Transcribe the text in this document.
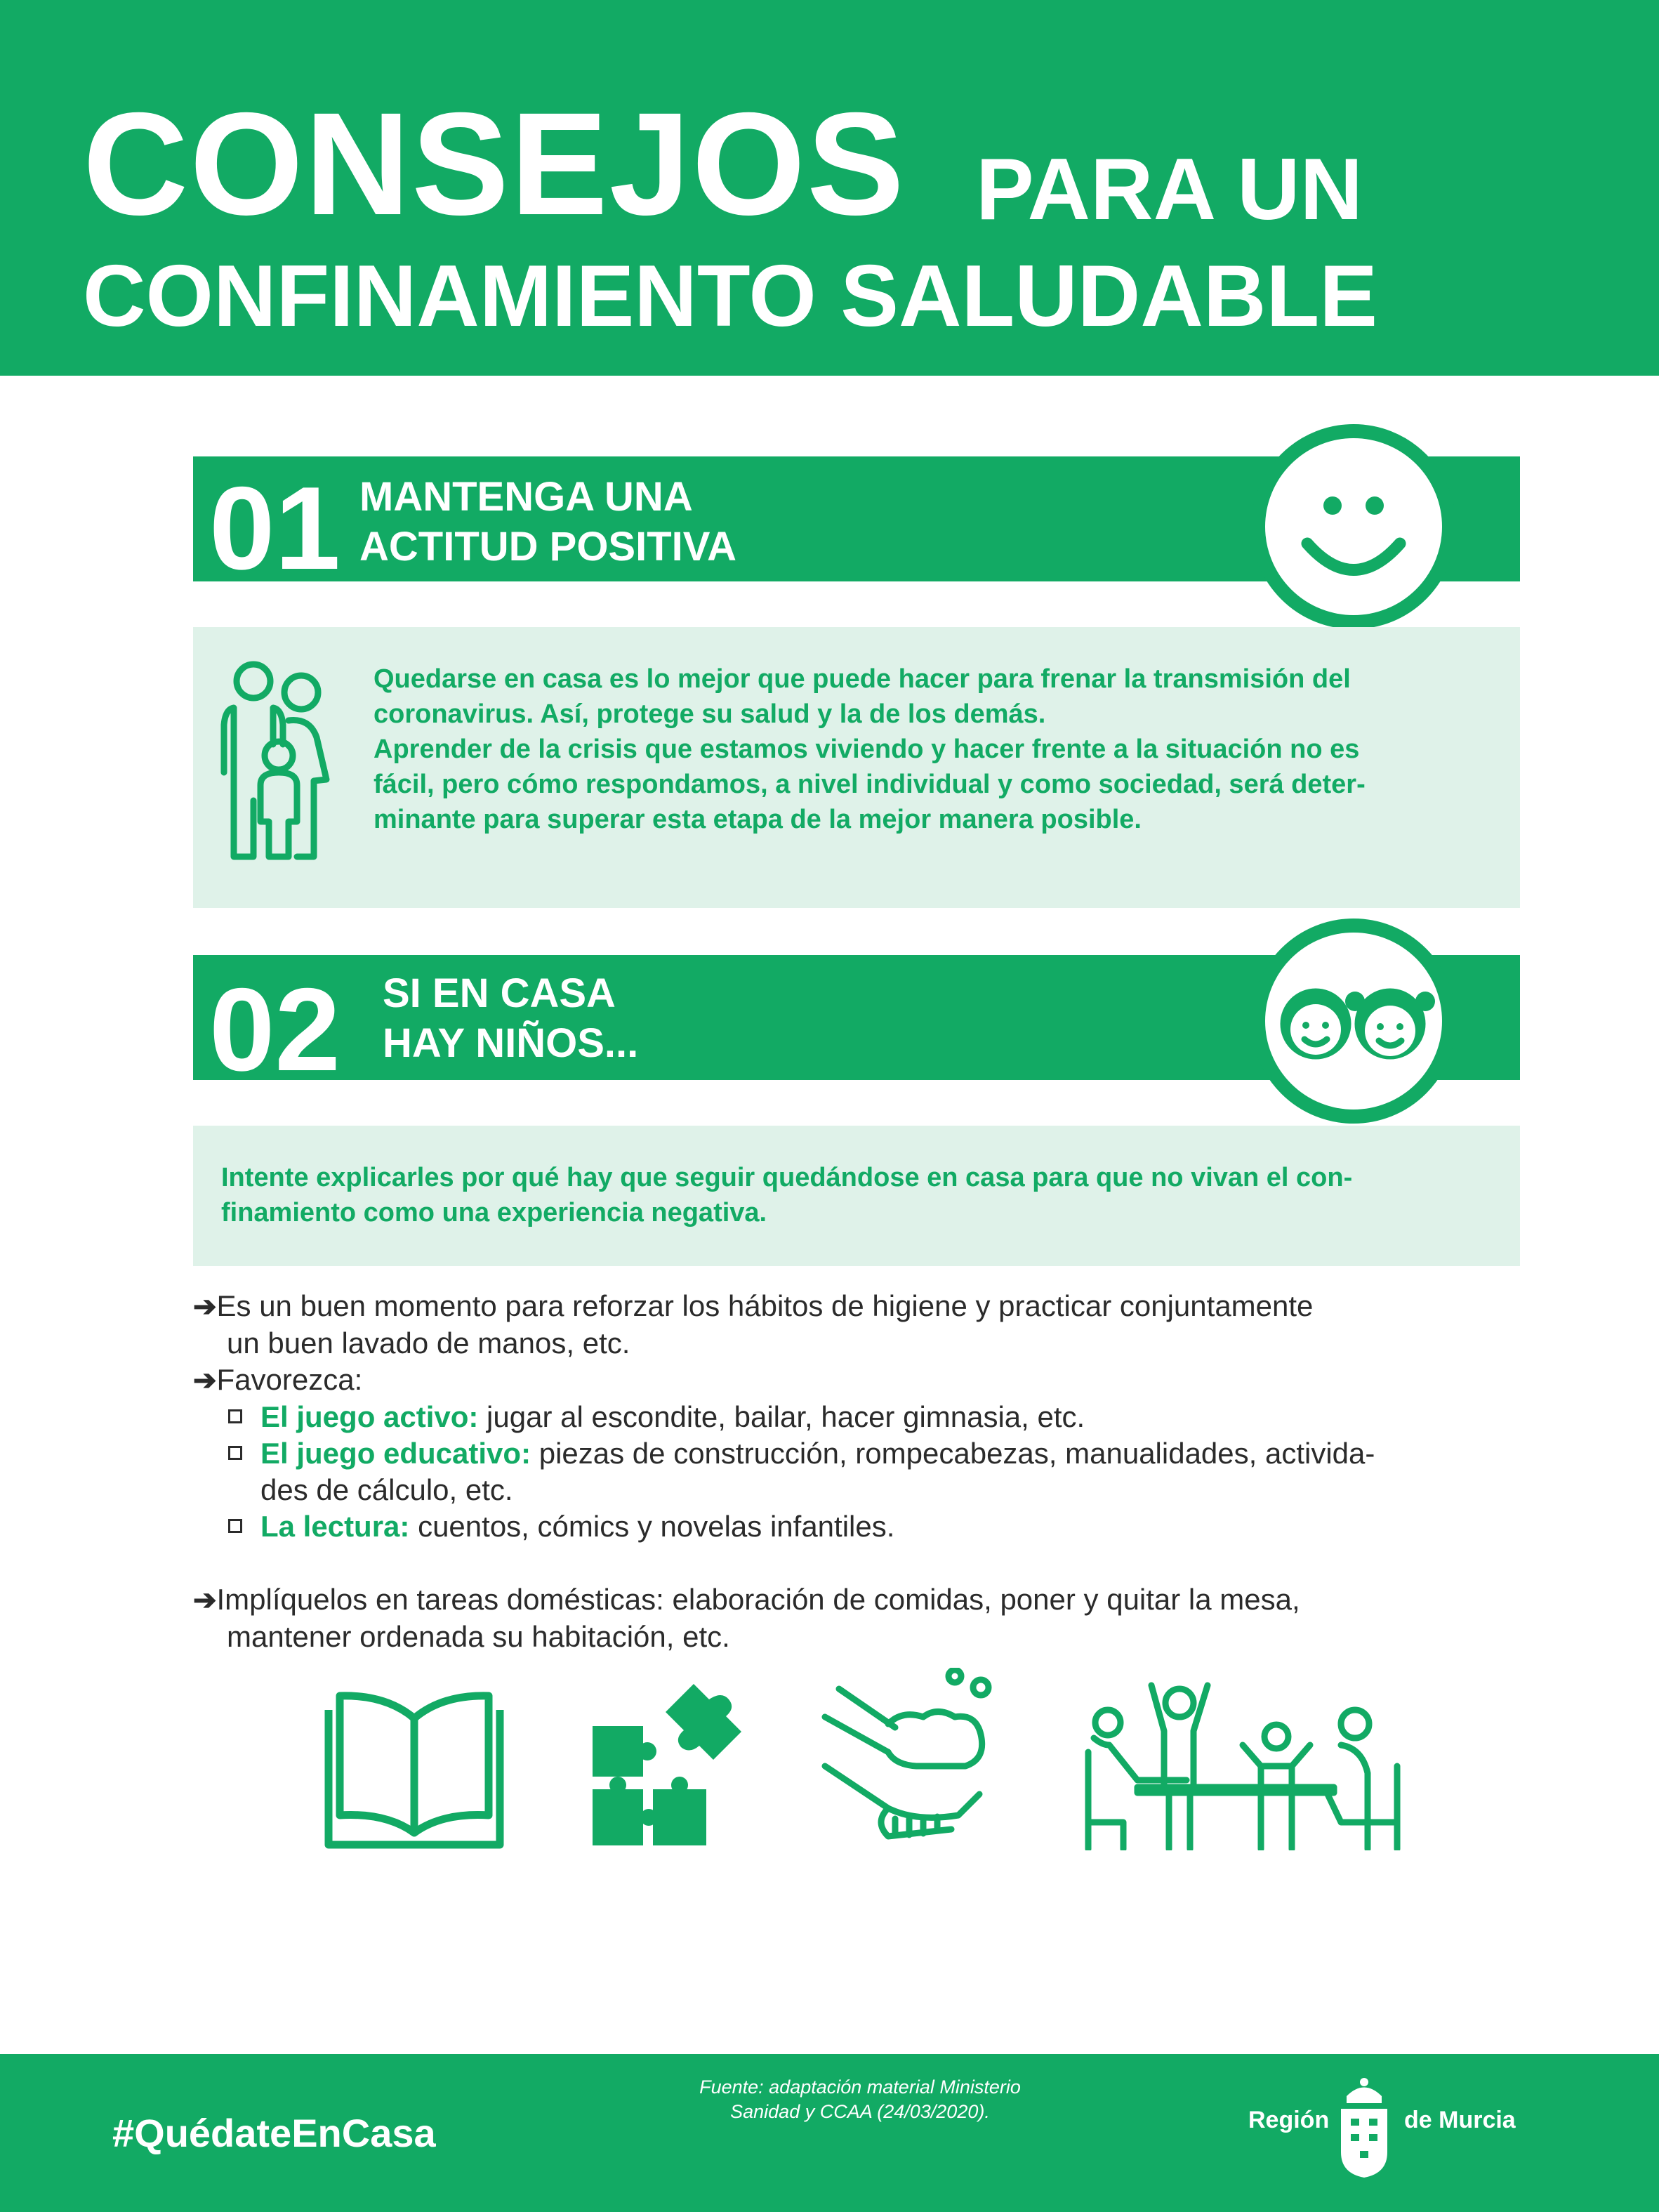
CONSEJOS PARA UN
CONFINAMIENTO SALUDABLE
01 MANTENGA UNA
ACTITUD POSITIVA
Quedarse en casa es lo mejor que puede hacer para frenar la transmisión del
coronavirus. Así, protege su salud y la de los demás.
Aprender de la crisis que estamos viviendo y hacer frente a la situación no es
fácil, pero cómo respondamos, a nivel individual y como sociedad, será deter-
minante para superar esta etapa de la mejor manera posible.
02 SI EN CASA
HAY NIÑOS...
Intente explicarles por qué hay que seguir quedándose en casa para que no vivan el con-
finamiento como una experiencia negativa.
➔Es un buen momento para reforzar los hábitos de higiene y practicar conjuntamente
un buen lavado de manos, etc.
➔Favorezca:
El juego activo: jugar al escondite, bailar, hacer gimnasia, etc.
El juego educativo: piezas de construcción, rompecabezas, manualidades, activida-
des de cálculo, etc.
La lectura: cuentos, cómics y novelas infantiles.
➔Implíquelos en tareas domésticas: elaboración de comidas, poner y quitar la mesa,
mantener ordenada su habitación, etc.
#QuédateEnCasa
Fuente: adaptación material Ministerio
Sanidad y CCAA (24/03/2020).	Región	de Murcia
